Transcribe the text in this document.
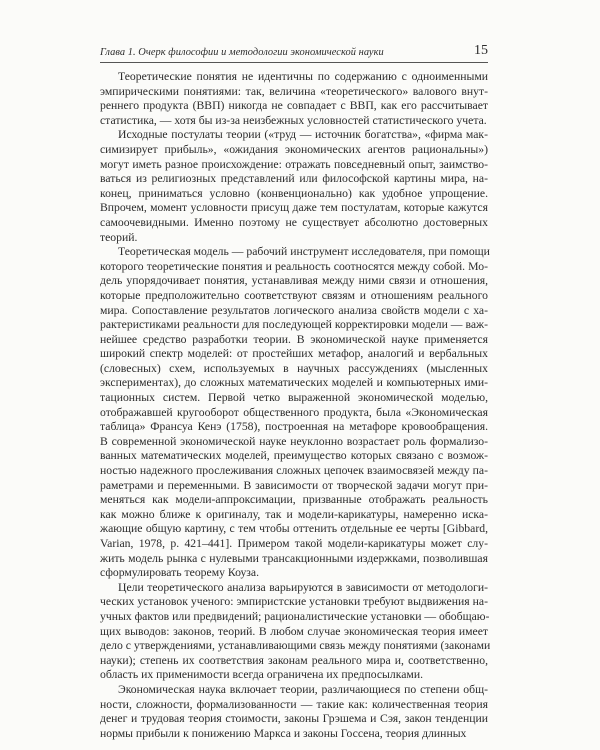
Глава 1. Очерк философии и методологии экономической науки	15

Теоретические понятия не идентичны по содержанию с одноименными
эмпирическими понятиями: так, величина «теоретического» валового внут-
реннего продукта (ВВП) никогда не совпадает с ВВП, как его рассчитывает
статистика, — хотя бы из-за неизбежных условностей статистического учета.

Исходные постулаты теории («труд — источник богатства», «фирма мак-
симизирует прибыль», «ожидания экономических агентов рациональны»)
могут иметь разное происхождение: отражать повседневный опыт, заимство-
ваться из религиозных представлений или философской картины мира, на-
конец, приниматься условно (конвенционально) как удобное упрощение.
Впрочем, момент условности присущ даже тем постулатам, которые кажутся
самоочевидными. Именно поэтому не существует абсолютно достоверных
теорий.

Теоретическая модель — рабочий инструмент исследователя, при помощи
которого теоретические понятия и реальность соотносятся между собой. Мо-
дель упорядочивает понятия, устанавливая между ними связи и отношения,
которые предположительно соответствуют связям и отношениям реального
мира. Сопоставление результатов логического анализа свойств модели с ха-
рактеристиками реальности для последующей корректировки модели — важ-
нейшее средство разработки теории. В экономической науке применяется
широкий спектр моделей: от простейших метафор, аналогий и вербальных
(словесных) схем, используемых в научных рассуждениях (мысленных
экспериментах), до сложных математических моделей и компьютерных ими-
тационных систем. Первой четко выраженной экономической моделью,
отображавшей кругооборот общественного продукта, была «Экономическая
таблица» Франсуа Кенэ (1758), построенная на метафоре кровообращения.
В современной экономической науке неуклонно возрастает роль формализо-
ванных математических моделей, преимущество которых связано с возмож-
ностью надежного прослеживания сложных цепочек взаимосвязей между па-
раметрами и переменными. В зависимости от творческой задачи могут при-
меняться как модели-аппроксимации, призванные отображать реальность
как можно ближе к оригиналу, так и модели-карикатуры, намеренно иска-
жающие общую картину, с тем чтобы оттенить отдельные ее черты [Gibbard,
Varian, 1978, p. 421–441]. Примером такой модели-карикатуры может слу-
жить модель рынка с нулевыми трансакционными издержками, позволившая
сформулировать теорему Коуза.

Цели теоретического анализа варьируются в зависимости от методологи-
ческих установок ученого: эмпиристские установки требуют выдвижения на-
учных фактов или предвидений; рационалистические установки — обобщаю-
щих выводов: законов, теорий. В любом случае экономическая теория имеет
дело с утверждениями, устанавливающими связь между понятиями (законами
науки); степень их соответствия законам реального мира и, соответственно,
область их применимости всегда ограничена их предпосылками.

Экономическая наука включает теории, различающиеся по степени общ-
ности, сложности, формализованности — такие как: количественная теория
денег и трудовая теория стоимости, законы Грэшема и Сэя, закон тенденции
нормы прибыли к понижению Маркса и законы Госсена, теория длинных
